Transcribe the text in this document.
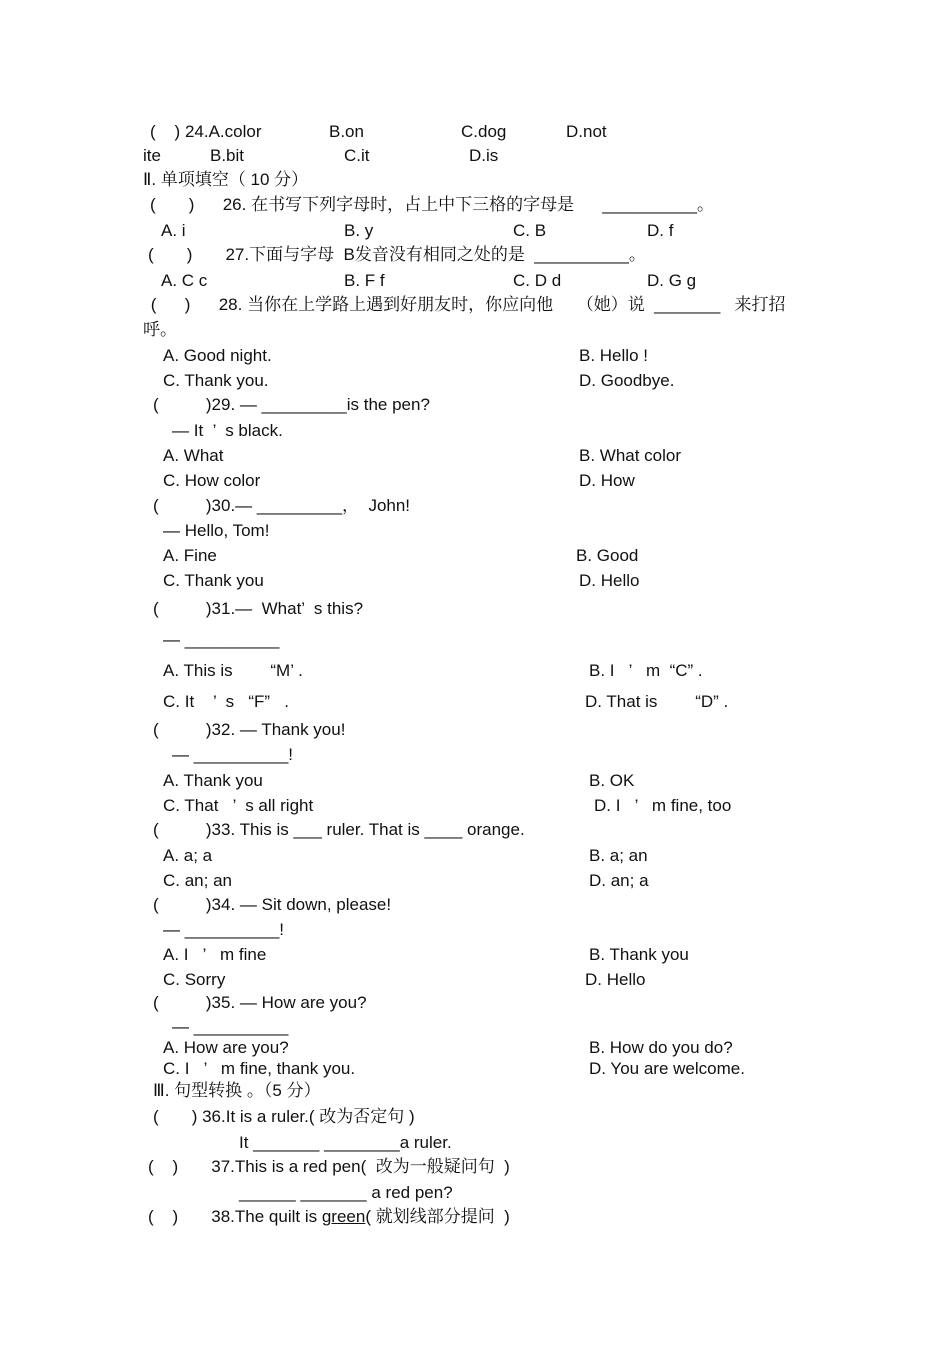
(    ) 24.A.color	B.on	C.dog	D.not
ite	B.bit	C.it	D.is
Ⅱ. 单项填空（ 10 分）
(       )      26. 在书写下列字母时，占上中下三格的字母是      __________。
A. i	B. y	C. B	D. f
(       )       27.下面与字母  B发音没有相同之处的是  __________。
A. C c	B. F f	C. D d	D. G g
(      )      28. 当你在上学路上遇到好朋友时，你应向他     （她）说  _______   来打招
呼。
A. Good night.	B. Hello !
C. Thank you.	D. Goodbye.
(          )29. — _________is the pen?
— It  ’  s black.
A. What	B. What color
C. How color	D. How
(          )30.— _________，  John!
— Hello, Tom!
A. Fine	B. Good
C. Thank you	D. Hello
(          )31.—  What’  s this?
— __________
A. This is        “M’ .	B. I   ’   m  “C” .
C. It    ’  s   “F”   .	D. That is        “D” .
(          )32. — Thank you!
— __________!
A. Thank you	B. OK
C. That   ’  s all right	D. I   ’   m fine, too
(          )33. This is ___ ruler. That is ____ orange.
A. a; a	B. a; an
C. an; an	D. an; a
(          )34. — Sit down, please!
— __________!
A. I   ’   m fine	B. Thank you
C. Sorry	D. Hello
(          )35. — How are you?
— __________
A. How are you?	B. How do you do?
C. I   ’   m fine, thank you.	D. You are welcome.
Ⅲ. 句型转换 。（5 分）
(       ) 36.It is a ruler.( 改为否定句 )
It _______ ________a ruler.
(    )       37.This is a red pen(  改为一般疑问句  )
______ _______ a red pen?
(    )       38.The quilt is green( 就划线部分提问  )
